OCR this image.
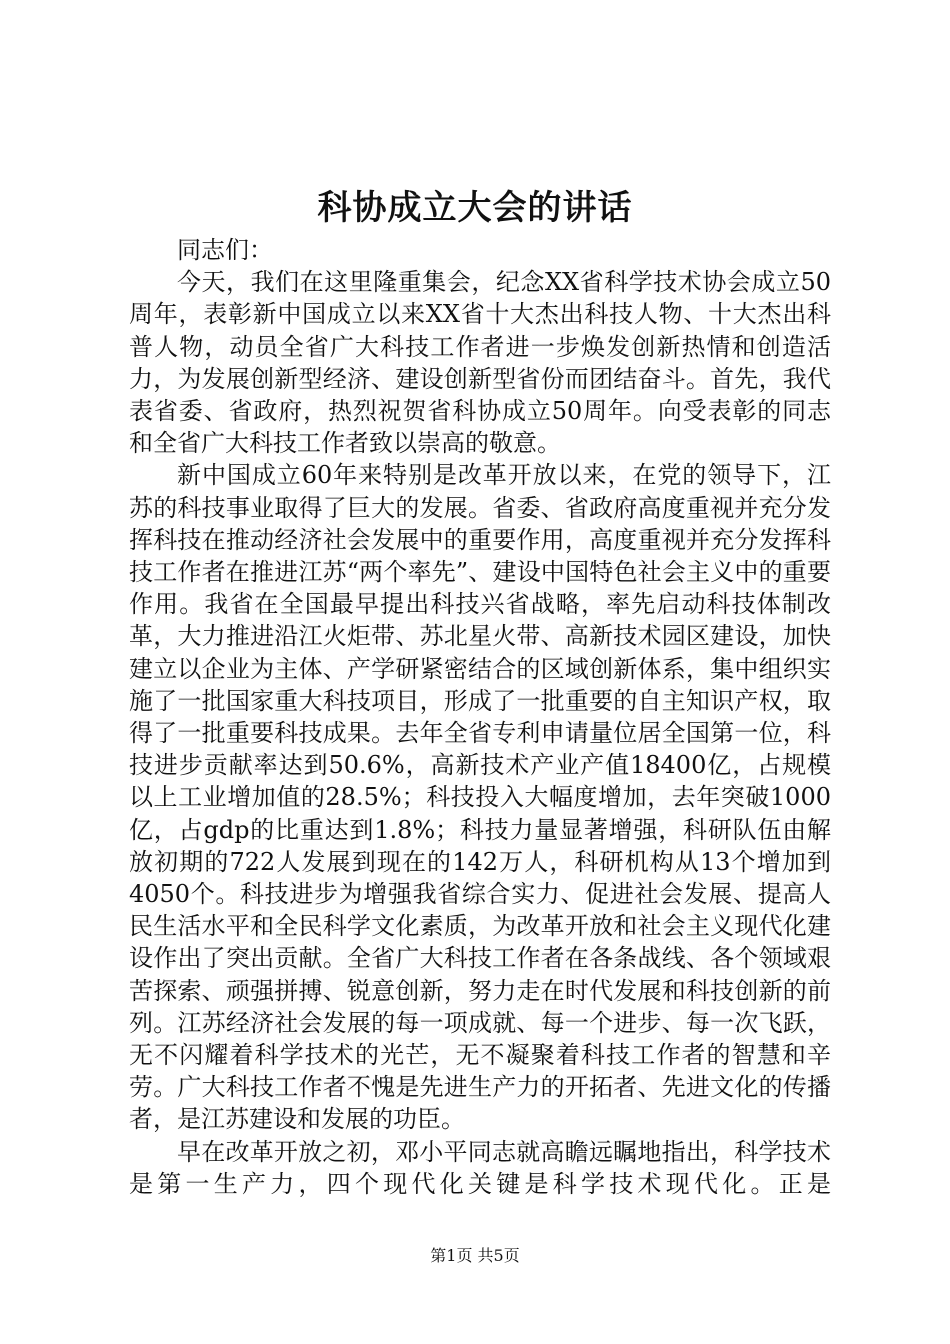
科协成立大会的讲话
同志们：

今天，我们在这里隆重集会，纪念XX省科学技术协会成立50周年，表彰新中国成立以来XX省十大杰出科技人物、十大杰出科普人物，动员全省广大科技工作者进一步焕发创新热情和创造活力，为发展创新型经济、建设创新型省份而团结奋斗。首先，我代表省委、省政府，热烈祝贺省科协成立50周年。向受表彰的同志和全省广大科技工作者致以崇高的敬意。

新中国成立60年来特别是改革开放以来，在党的领导下，江苏的科技事业取得了巨大的发展。省委、省政府高度重视并充分发挥科技在推动经济社会发展中的重要作用，高度重视并充分发挥科技工作者在推进江苏“两个率先”、建设中国特色社会主义中的重要作用。我省在全国最早提出科技兴省战略，率先启动科技体制改革，大力推进沿江火炬带、苏北星火带、高新技术园区建设，加快建立以企业为主体、产学研紧密结合的区域创新体系，集中组织实施了一批国家重大科技项目，形成了一批重要的自主知识产权，取得了一批重要科技成果。去年全省专利申请量位居全国第一位，科技进步贡献率达到50.6%，高新技术产业产值18400亿，占规模以上工业增加值的28.5%；科技投入大幅度增加，去年突破1000亿，占gdp的比重达到1.8%；科技力量显著增强，科研队伍由解放初期的722人发展到现在的142万人，科研机构从13个增加到4050个。科技进步为增强我省综合实力、促进社会发展、提高人民生活水平和全民科学文化素质，为改革开放和社会主义现代化建设作出了突出贡献。全省广大科技工作者在各条战线、各个领域艰苦探索、顽强拼搏、锐意创新，努力走在时代发展和科技创新的前列。江苏经济社会发展的每一项成就、每一个进步、每一次飞跃，无不闪耀着科学技术的光芒，无不凝聚着科技工作者的智慧和辛劳。广大科技工作者不愧是先进生产力的开拓者、先进文化的传播者，是江苏建设和发展的功臣。

早在改革开放之初，邓小平同志就高瞻远瞩地指出，科学技术是第一生产力，四个现代化关键是科学技术现代化。正是

第1页 共5页
